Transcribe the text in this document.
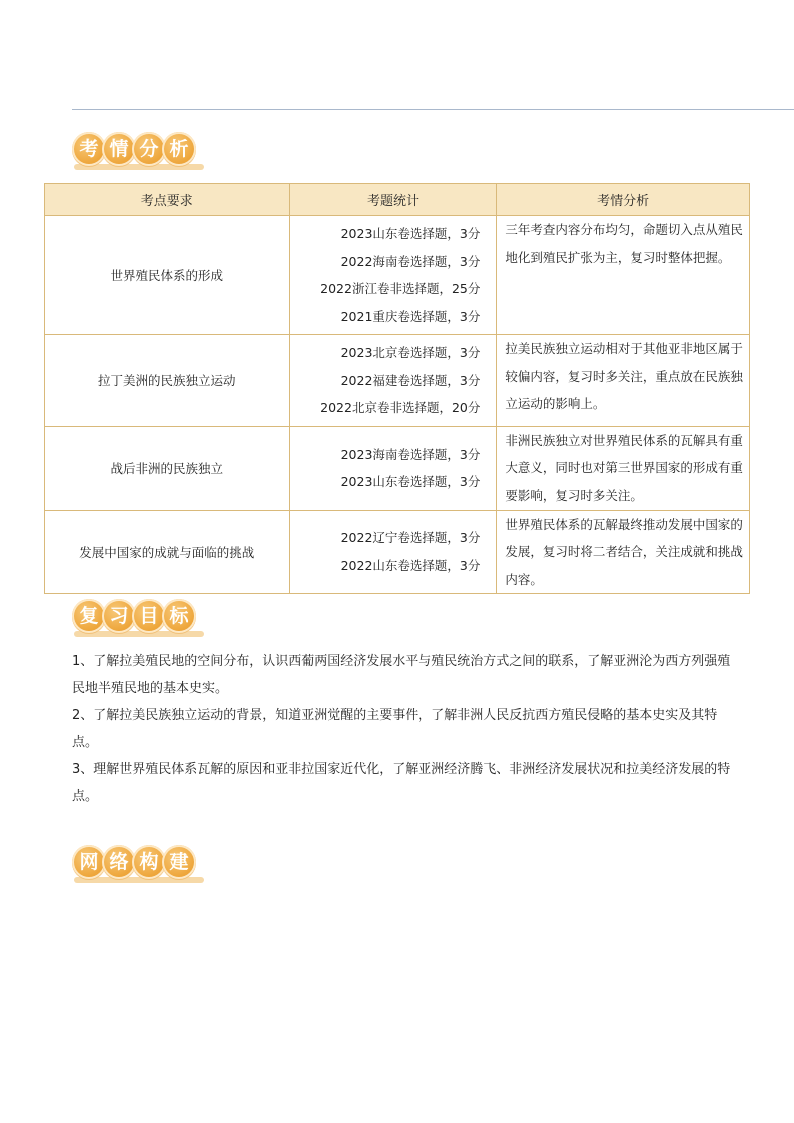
考 情 分 析
考点要求	考题统计	考情分析
世界殖民体系的形成	2023山东卷选择题，3分
2022海南卷选择题，3分
2022浙江卷非选择题，25分
2021重庆卷选择题，3分	三年考查内容分布均匀，命题切入点从殖民地化到殖民扩张为主，复习时整体把握。
拉丁美洲的民族独立运动	2023北京卷选择题，3分
2022福建卷选择题，3分
2022北京卷非选择题，20分	拉美民族独立运动相对于其他亚非地区属于较偏内容，复习时多关注，重点放在民族独立运动的影响上。
战后非洲的民族独立	2023海南卷选择题，3分
2023山东卷选择题，3分	非洲民族独立对世界殖民体系的瓦解具有重大意义，同时也对第三世界国家的形成有重要影响，复习时多关注。
发展中国家的成就与面临的挑战	2022辽宁卷选择题，3分
2022山东卷选择题，3分	世界殖民体系的瓦解最终推动发展中国家的发展，复习时将二者结合，关注成就和挑战内容。
复 习 目 标

1、了解拉美殖民地的空间分布，认识西葡两国经济发展水平与殖民统治方式之间的联系，了解亚洲沦为西方列强殖民地半殖民地的基本史实。

2、了解拉美民族独立运动的背景，知道亚洲觉醒的主要事件，了解非洲人民反抗西方殖民侵略的基本史实及其特点。

3、理解世界殖民体系瓦解的原因和亚非拉国家近代化，了解亚洲经济腾飞、非洲经济发展状况和拉美经济发展的特点。

网 络 构 建
